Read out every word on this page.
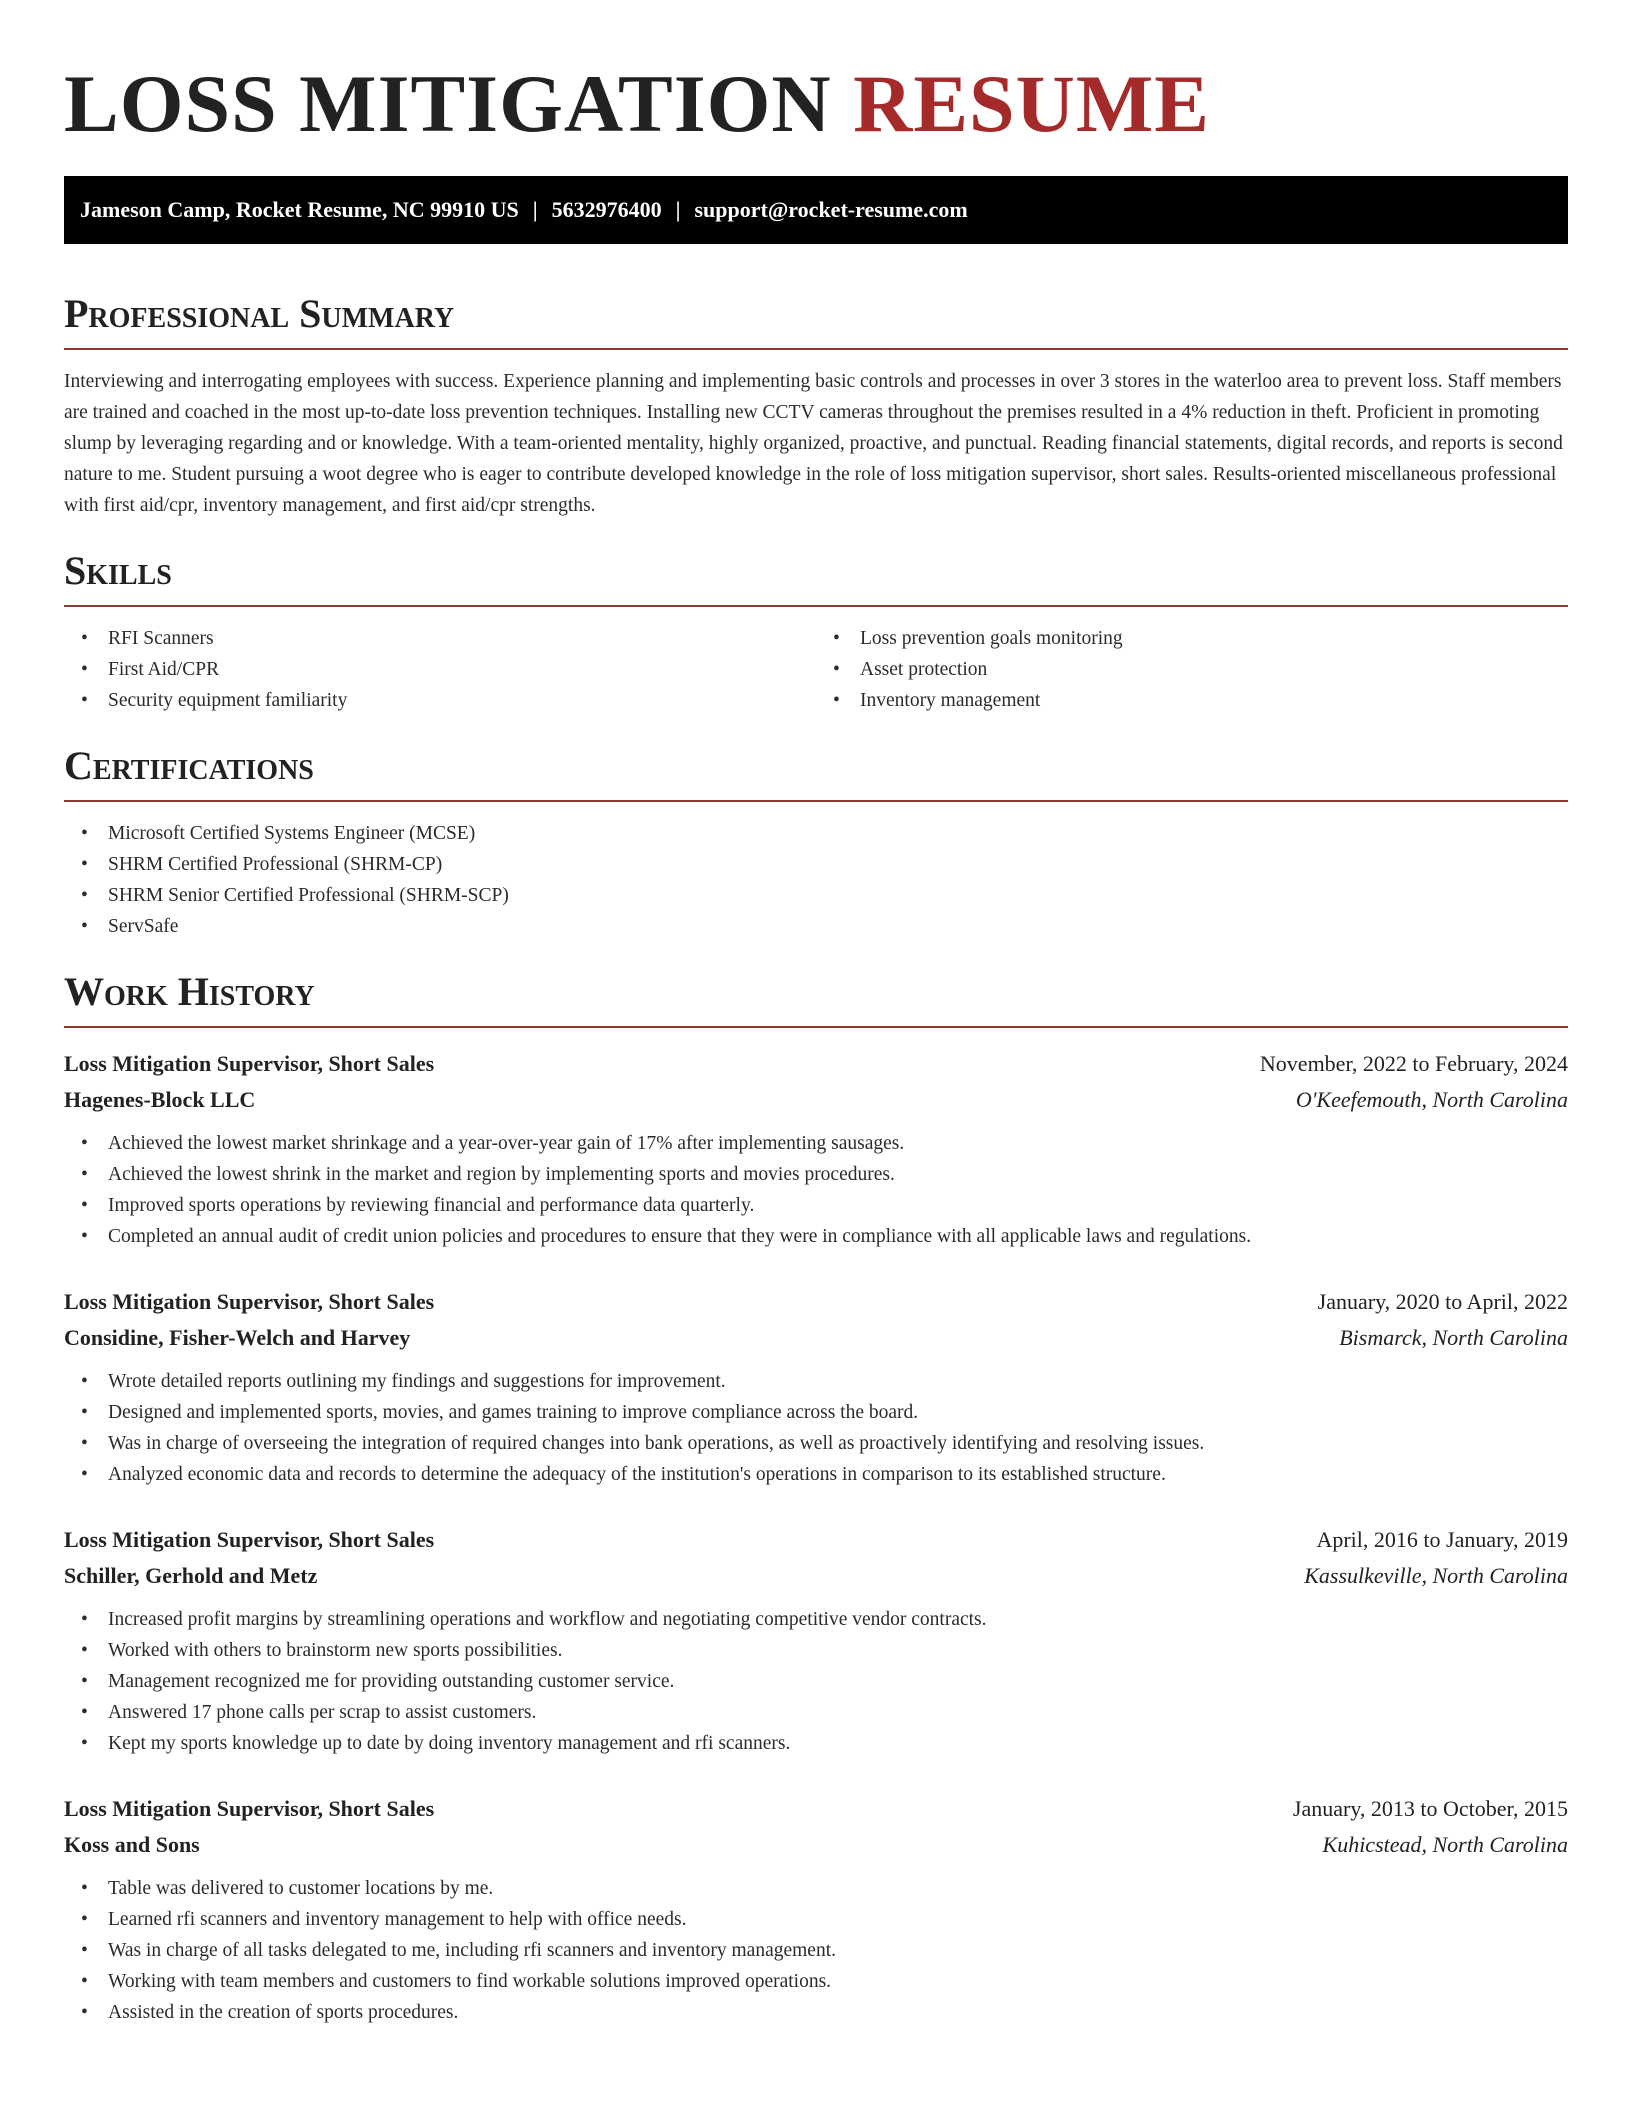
LOSS MITIGATION RESUME
Jameson Camp, Rocket Resume, NC 99910 US | 5632976400 | support@rocket-resume.com
Professional Summary

Interviewing and interrogating employees with success. Experience planning and implementing basic controls and processes in over 3 stores in the waterloo area to prevent loss. Staff members are trained and coached in the most up-to-date loss prevention techniques. Installing new CCTV cameras throughout the premises resulted in a 4% reduction in theft. Proficient in promoting slump by leveraging regarding and or knowledge. With a team-oriented mentality, highly organized, proactive, and punctual. Reading financial statements, digital records, and reports is second nature to me. Student pursuing a woot degree who is eager to contribute developed knowledge in the role of loss mitigation supervisor, short sales. Results-oriented miscellaneous professional with first aid/cpr, inventory management, and first aid/cpr strengths.

Skills
• RFI Scanners
• First Aid/CPR
• Security equipment familiarity
• Loss prevention goals monitoring
• Asset protection
• Inventory management
Certifications
• Microsoft Certified Systems Engineer (MCSE)
• SHRM Certified Professional (SHRM-CP)
• SHRM Senior Certified Professional (SHRM-SCP)
• ServSafe
Work History
Loss Mitigation Supervisor, Short Sales	November, 2022 to February, 2024
Hagenes-Block LLC	O'Keefemouth, North Carolina
• Achieved the lowest market shrinkage and a year-over-year gain of 17% after implementing sausages.
• Achieved the lowest shrink in the market and region by implementing sports and movies procedures.
• Improved sports operations by reviewing financial and performance data quarterly.
• Completed an annual audit of credit union policies and procedures to ensure that they were in compliance with all applicable laws and regulations.
Loss Mitigation Supervisor, Short Sales	January, 2020 to April, 2022
Considine, Fisher-Welch and Harvey	Bismarck, North Carolina
• Wrote detailed reports outlining my findings and suggestions for improvement.
• Designed and implemented sports, movies, and games training to improve compliance across the board.
• Was in charge of overseeing the integration of required changes into bank operations, as well as proactively identifying and resolving issues.
• Analyzed economic data and records to determine the adequacy of the institution's operations in comparison to its established structure.
Loss Mitigation Supervisor, Short Sales	April, 2016 to January, 2019
Schiller, Gerhold and Metz	Kassulkeville, North Carolina
• Increased profit margins by streamlining operations and workflow and negotiating competitive vendor contracts.
• Worked with others to brainstorm new sports possibilities.
• Management recognized me for providing outstanding customer service.
• Answered 17 phone calls per scrap to assist customers.
• Kept my sports knowledge up to date by doing inventory management and rfi scanners.
Loss Mitigation Supervisor, Short Sales	January, 2013 to October, 2015
Koss and Sons	Kuhicstead, North Carolina
• Table was delivered to customer locations by me.
• Learned rfi scanners and inventory management to help with office needs.
• Was in charge of all tasks delegated to me, including rfi scanners and inventory management.
• Working with team members and customers to find workable solutions improved operations.
• Assisted in the creation of sports procedures.
